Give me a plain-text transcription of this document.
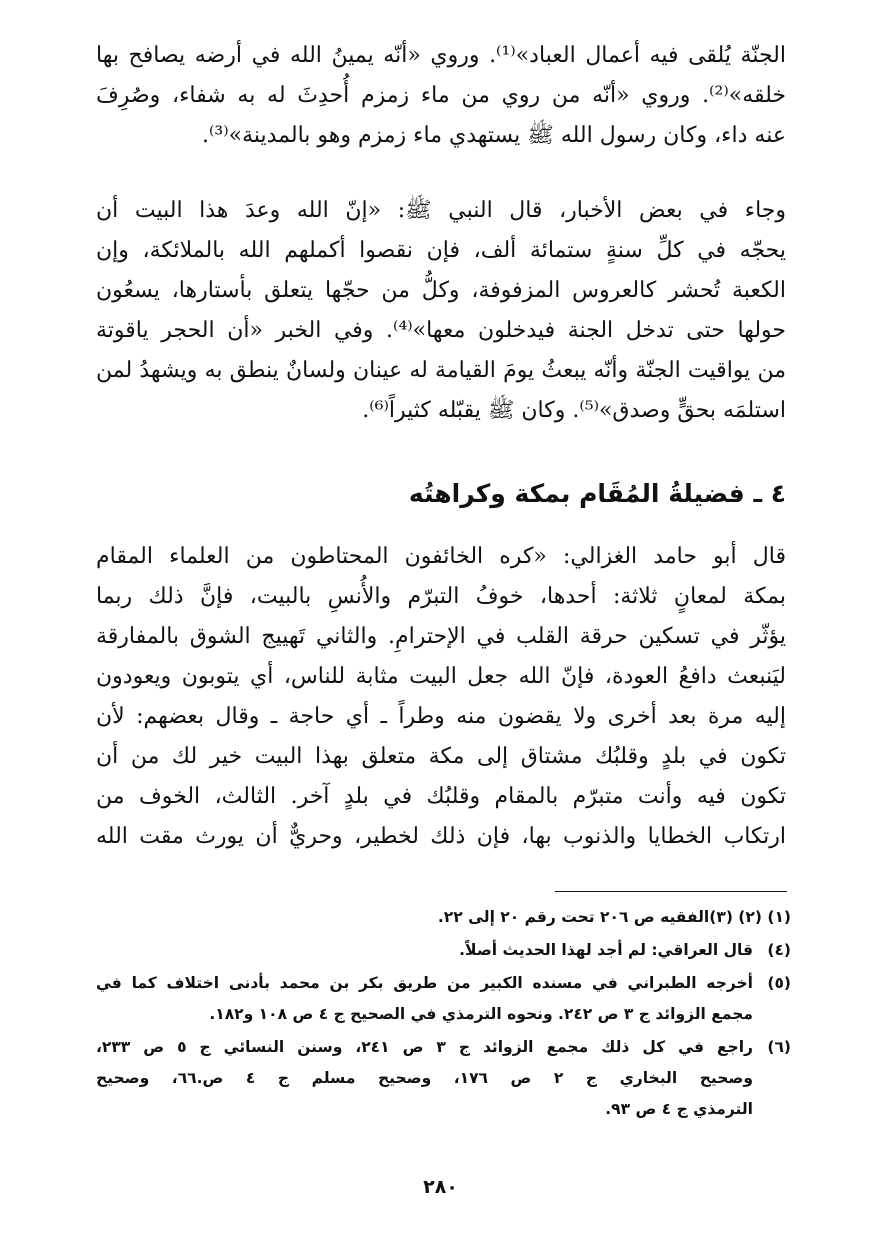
الجنّة يُلقى فيه أعمال العباد»⁽¹⁾. وروي «أنّه يمينُ الله في أرضه يصافح بها
خلقه»⁽²⁾. وروي «أنّه من روي من ماء زمزم أُحدِثَ له به شفاء، وصُرِفَ
عنه داء، وكان رسول الله ﷺ يستهدي ماء زمزم وهو بالمدينة»⁽³⁾.
وجاء في بعض الأخبار، قال النبي ﷺ: «إنّ الله وعدَ هذا البيت أن
يحجّه في كلِّ سنةٍ ستمائة ألف، فإن نقصوا أكملهم الله بالملائكة، وإن
الكعبة تُحشر كالعروس المزفوفة، وكلُّ من حجّها يتعلق بأستارها، يسعُون
حولها حتى تدخل الجنة فيدخلون معها»⁽⁴⁾. وفي الخبر «أن الحجر ياقوتة
من يواقيت الجنّة وأنّه يبعثُ يومَ القيامة له عينان ولسانٌ ينطق به ويشهدُ لمن
استلمَه بحقٍّ وصدق»⁽⁵⁾. وكان ﷺ يقبّله كثيراً⁽⁶⁾.
٤ ـ فضيلةُ المُقَام بمكة وكراهتُه
قال أبو حامد الغزالي: «كره الخائفون المحتاطون من العلماء المقام
بمكة لمعانٍ ثلاثة: أحدها، خوفُ التبرّم والأُنسِ بالبيت، فإنَّ ذلك ربما
يؤثّر في تسكين حرقة القلب في الإحترامِ. والثاني تَهييج الشوق بالمفارقة
ليَنبعث دافعُ العودة، فإنّ الله جعل البيت مثابة للناس، أي يتوبون ويعودون
إليه مرة بعد أخرى ولا يقضون منه وطراً ـ أي حاجة ـ وقال بعضهم: لأن
تكون في بلدٍ وقلبُك مشتاق إلى مكة متعلق بهذا البيت خير لك من أن
تكون فيه وأنت متبرّم بالمقام وقلبُك في بلدٍ آخر. الثالث، الخوف من
ارتكاب الخطايا والذنوب بها، فإن ذلك لخطير، وحريٌّ أن يورث مقت الله
(١) (٢) (٣)
الفقيه ص ٢٠٦ تحت رقم ٢٠ إلى ٢٢.
(٤)
قال العراقي: لم أجد لهذا الحديث أصلاً.
(٥)
أخرجه الطبراني في مسنده الكبير من طريق بكر بن محمد بأدنى اختلاف كما في
مجمع الزوائد ج ٣ ص ٢٤٢. ونحوه الترمذي في الصحيح ج ٤ ص ١٠٨ و١٨٢.
(٦)
راجع في كل ذلك مجمع الزوائد ج ٣ ص ٢٤١، وسنن النسائي ج ٥ ص ٢٣٣،
وصحيح البخاري ج ٢ ص ١٧٦، وصحيح مسلم ج ٤ ص.٦٦، وصحيح
الترمذي ج ٤ ص ٩٣.
٢٨٠
